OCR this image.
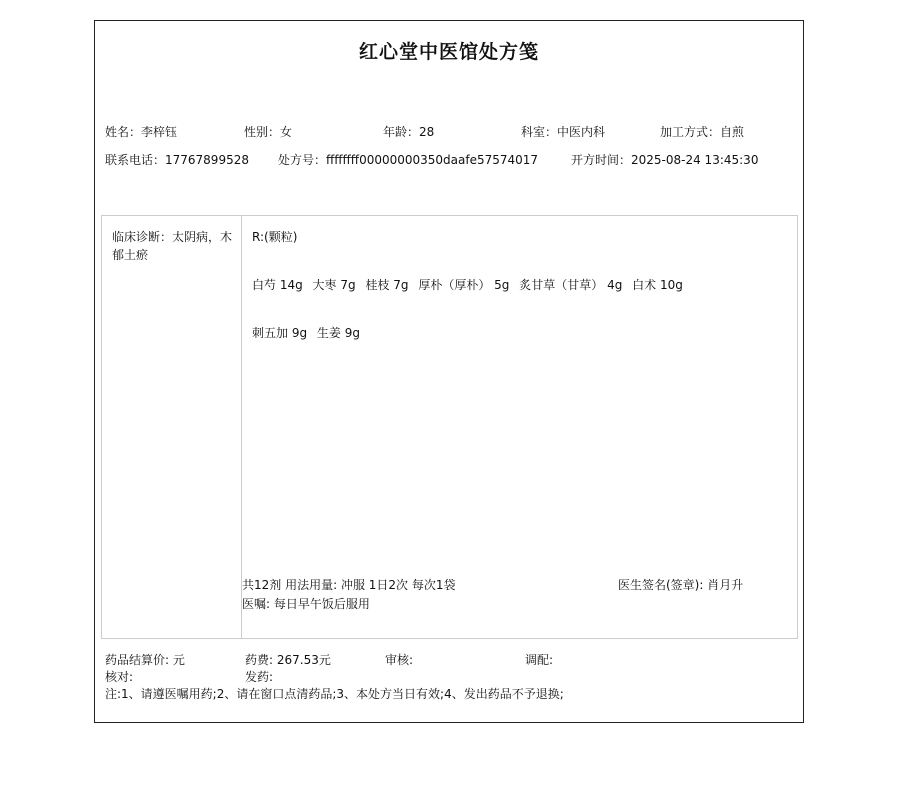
红心堂中医馆处方笺
姓名：李梓钰	性别：女	年龄：28	科室：中医内科	加工方式：自煎
联系电话：17767899528 处方号：ffffffff00000000350daafe57574017	开方时间：2025-08-24 13:45:30
临床诊断：太阴病，木郁土瘀
R:(颗粒)
白芍 14g 大枣 7g 桂枝 7g 厚朴（厚朴） 5g 炙甘草（甘草） 4g 白术 10g
刺五加 9g 生姜 9g
共12剂 用法用量: 冲服 1日2次 每次1袋
医嘱: 每日早午饭后服用
医生签名(签章): 肖月升
药品结算价: 元	药费: 267.53元	审核:	调配:
核对:	发药:
注:1、请遵医嘱用药;2、请在窗口点清药品;3、本处方当日有效;4、发出药品不予退换;
